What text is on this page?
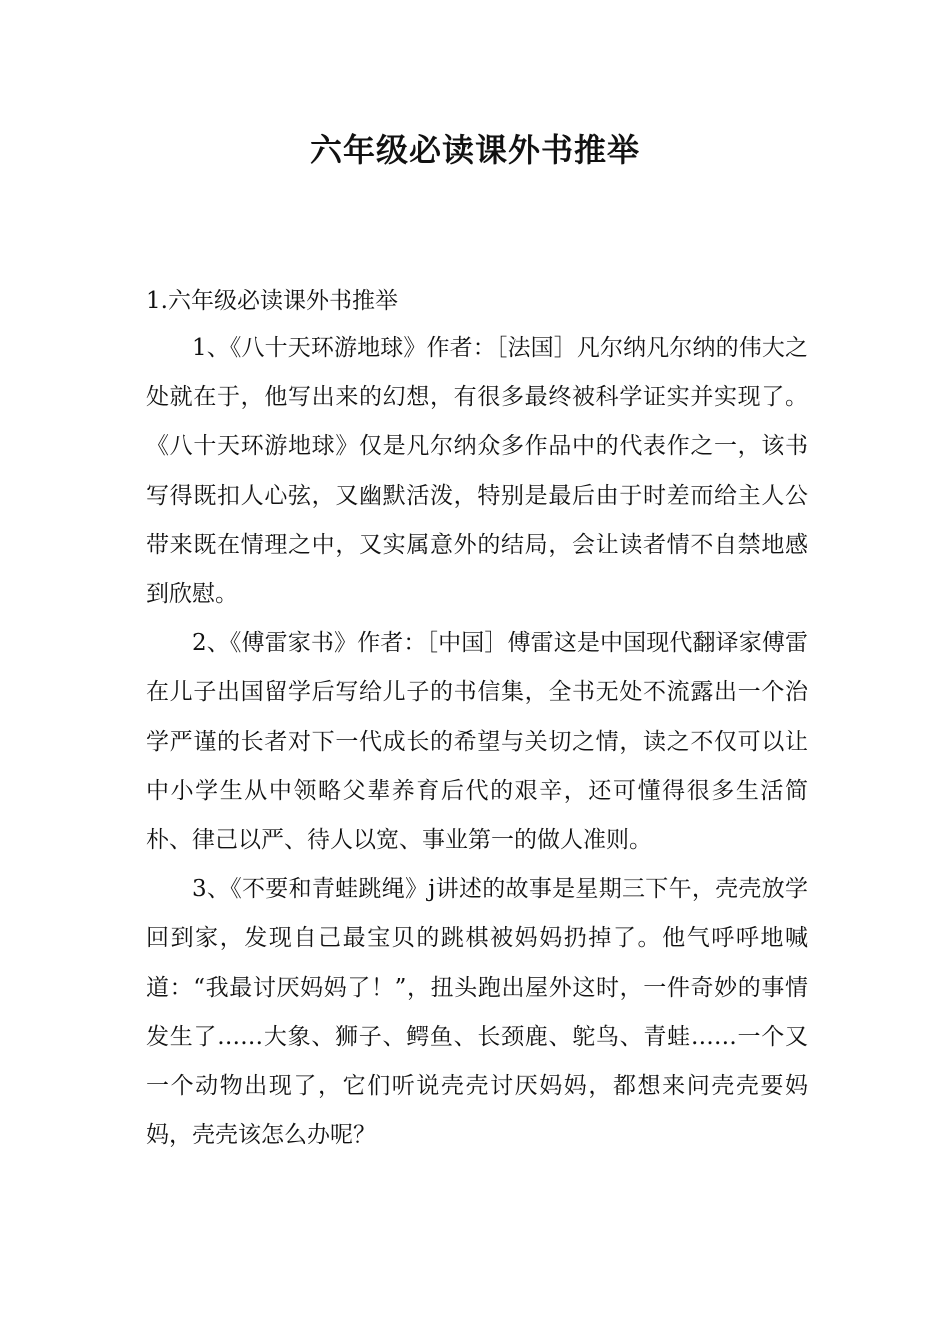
六年级必读课外书推举
1.六年级必读课外书推举

1、《八十天环游地球》作者：［法国］凡尔纳凡尔纳的伟大之处就在于，他写出来的幻想，有很多最终被科学证实并实现了。《八十天环游地球》仅是凡尔纳众多作品中的代表作之一，该书写得既扣人心弦，又幽默活泼，特别是最后由于时差而给主人公带来既在情理之中，又实属意外的结局，会让读者情不自禁地感到欣慰。

2、《傅雷家书》作者：［中国］傅雷这是中国现代翻译家傅雷在儿子出国留学后写给儿子的书信集，全书无处不流露出一个治学严谨的长者对下一代成长的希望与关切之情，读之不仅可以让中小学生从中领略父辈养育后代的艰辛，还可懂得很多生活简朴、律己以严、待人以宽、事业第一的做人准则。

3、《不要和青蛙跳绳》j讲述的故事是星期三下午，壳壳放学回到家，发现自己最宝贝的跳棋被妈妈扔掉了。他气呼呼地喊道：“我最讨厌妈妈了！”，扭头跑出屋外这时，一件奇妙的事情发生了……大象、狮子、鳄鱼、长颈鹿、鸵鸟、青蛙……一个又一个动物出现了，它们听说壳壳讨厌妈妈，都想来问壳壳要妈妈，壳壳该怎么办呢？
